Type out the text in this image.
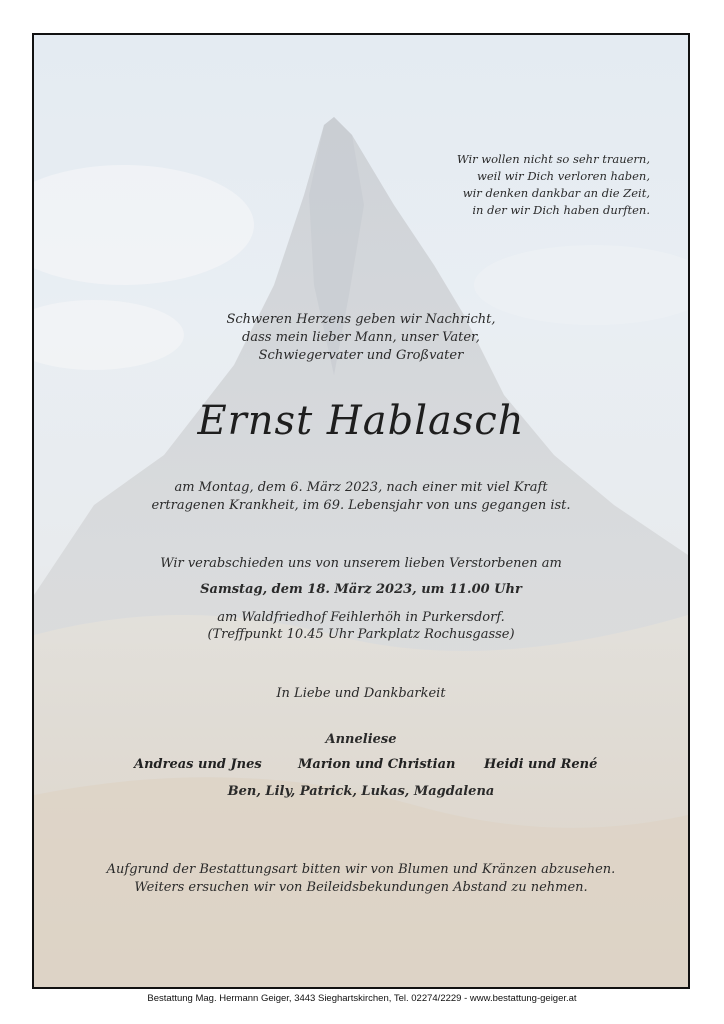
Wir wollen nicht so sehr trauern,
weil wir Dich verloren haben,
wir denken dankbar an die Zeit,
in der wir Dich haben durften.
Schweren Herzens geben wir Nachricht,
dass mein lieber Mann, unser Vater,
Schwiegervater und Großvater
Ernst Hablasch
am Montag, dem 6. März 2023, nach einer mit viel Kraft
ertragenen Krankheit, im 69. Lebensjahr von uns gegangen ist.
Wir verabschieden uns von unserem lieben Verstorbenen am
Samstag, dem 18. März 2023, um 11.00 Uhr
am Waldfriedhof Feihlerhöh in Purkersdorf.
(Treffpunkt 10.45 Uhr Parkplatz Rochusgasse)
In Liebe und Dankbarkeit
Anneliese
Andreas und Jnes	Marion und Christian Heidi und René
Ben, Lily, Patrick, Lukas, Magdalena
Aufgrund der Bestattungsart bitten wir von Blumen und Kränzen abzusehen.
Weiters ersuchen wir von Beileidsbekundungen Abstand zu nehmen.
Bestattung Mag. Hermann Geiger, 3443 Sieghartskirchen, Tel. 02274/2229 - www.bestattung-geiger.at
